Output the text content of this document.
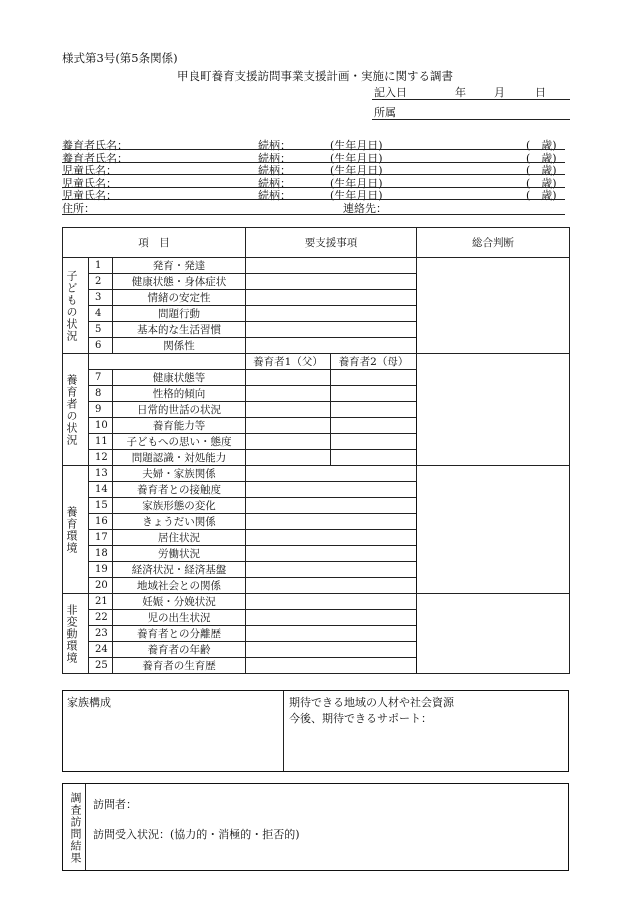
様式第3号(第5条関係)
甲良町養育支援訪問事業支援計画・実施に関する調書
記入日	年	月	日
所属
養育者氏名：	続柄：	(生年月日)	(　歳)
養育者氏名：	続柄：	(生年月日)	(　歳)
児童氏名：	続柄：	(生年月日)	(　歳)
児童氏名：	続柄：	(生年月日)	(　歳)
児童氏名：	続柄：	(生年月日)	(　歳)
住所：	連絡先：
項　目			要支援事項		総合判断

子どもの状況	1	発育・発達			
	2	健康状態・身体症状			
	3	情緒の安定性			
	4	問題行動			
	5	基本的な生活習慣			
	6	関係性			

養育者の状況			養育者1（父）	養育者2（母）	
	7	健康状態等			
	8	性格的傾向			
	9	日常的世話の状況			
	10	養育能力等			
	11	子どもへの思い・態度			
	12	問題認識・対処能力			

養育環境	13	夫婦・家族関係			
	14	養育者との接触度			
	15	家族形態の変化			
	16	きょうだい関係			
	17	居住状況			
	18	労働状況			
	19	経済状況・経済基盤			
	20	地域社会との関係			

非変動環境	21	妊娠・分娩状況			
	22	児の出生状況			
	23	養育者との分離歴			
	24	養育者の年齢			
	25	養育者の生育歴			
家族構成	期待できる地域の人材や社会資源
今後、期待できるサポート：
調査訪問結果 訪問者：
訪問受入状況：(協力的・消極的・拒否的)
